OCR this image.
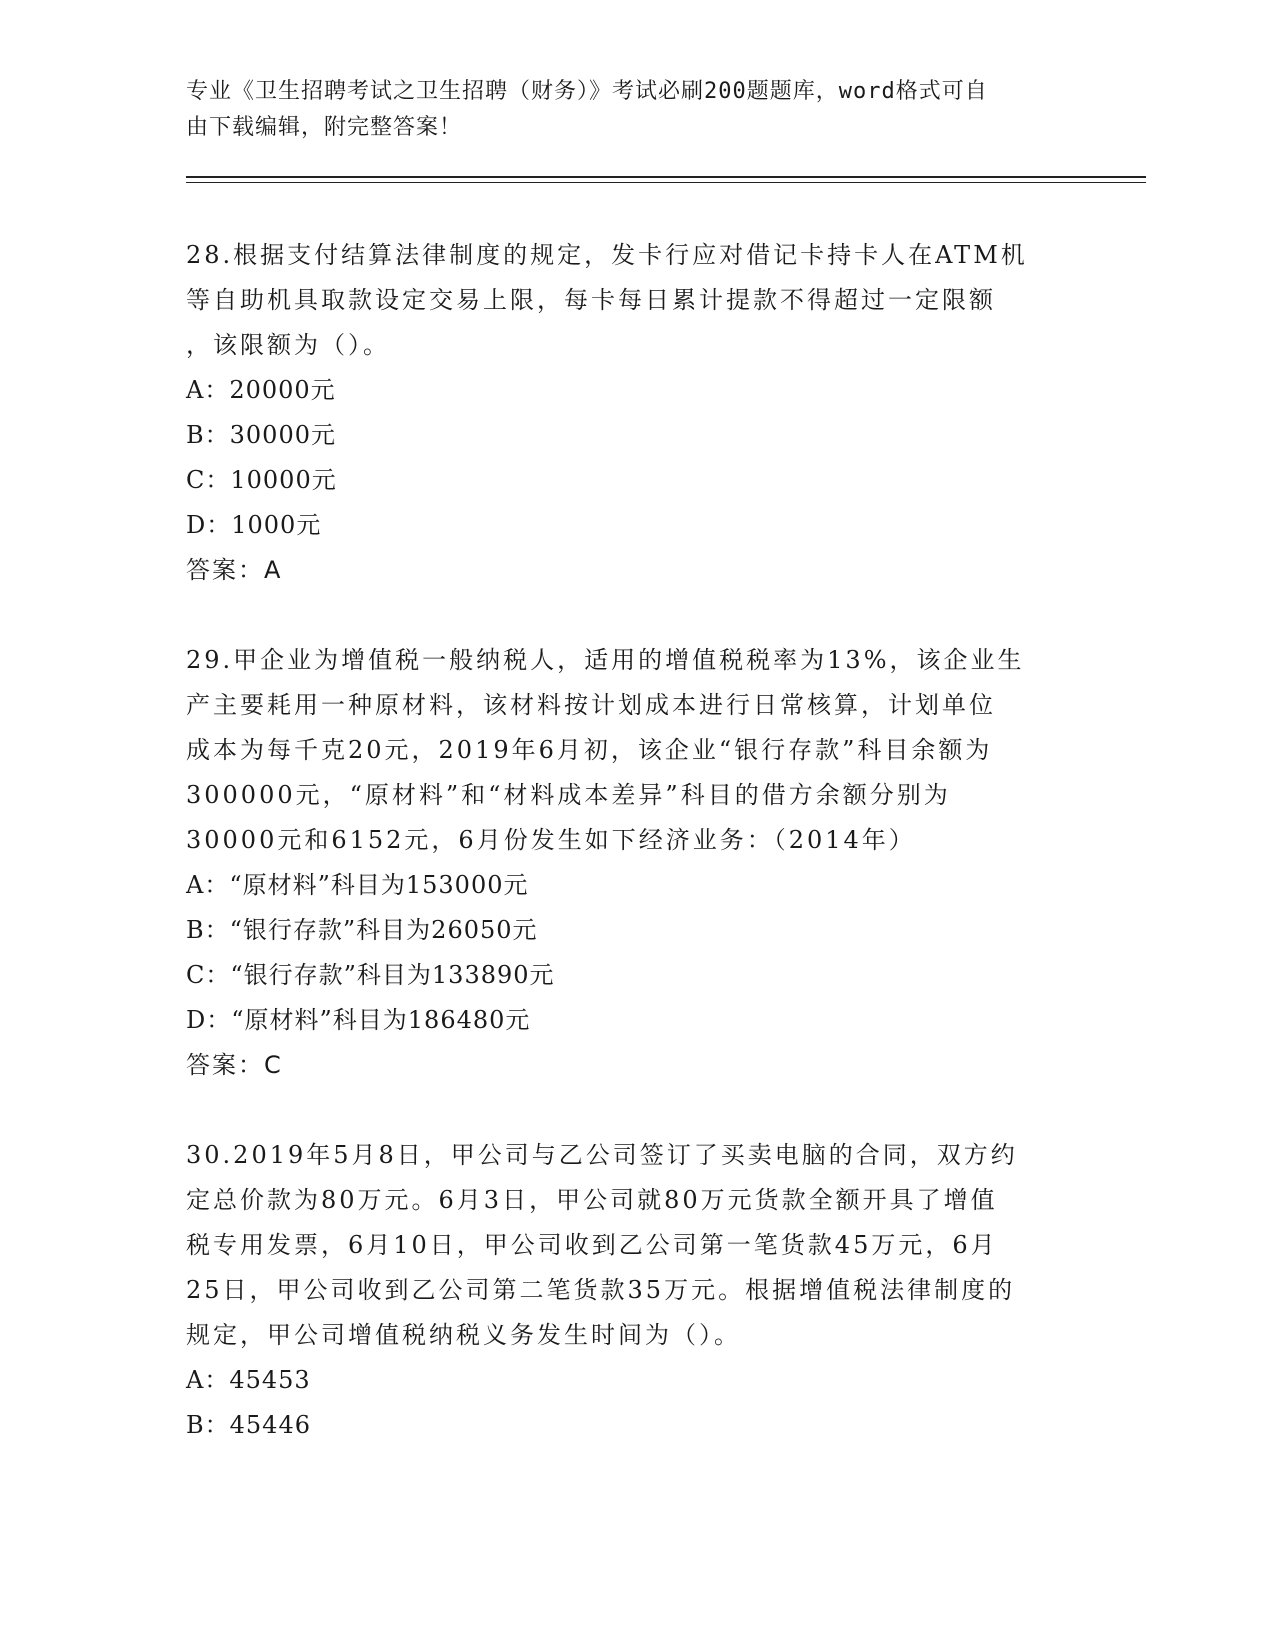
专业《卫生招聘考试之卫生招聘（财务）》考试必刷200题题库，word格式可自
由下载编辑，附完整答案！

28.根据支付结算法律制度的规定，发卡行应对借记卡持卡人在ATM机
等自助机具取款设定交易上限，每卡每日累计提款不得超过一定限额
，该限额为（）。

A：20000元

B：30000元

C：10000元

D：1000元

答案：A

29.甲企业为增值税一般纳税人，适用的增值税税率为13%，该企业生
产主要耗用一种原材料，该材料按计划成本进行日常核算，计划单位
成本为每千克20元，2019年6月初，该企业“银行存款”科目余额为
300000元，“原材料”和“材料成本差异”科目的借方余额分别为
30000元和6152元，6月份发生如下经济业务：（2014年）

A：“原材料”科目为153000元

B：“银行存款”科目为26050元

C：“银行存款”科目为133890元

D：“原材料”科目为186480元

答案：C

30.2019年5月8日，甲公司与乙公司签订了买卖电脑的合同，双方约
定总价款为80万元。6月3日，甲公司就80万元货款全额开具了增值
税专用发票，6月10日，甲公司收到乙公司第一笔货款45万元，6月
25日，甲公司收到乙公司第二笔货款35万元。根据增值税法律制度的
规定，甲公司增值税纳税义务发生时间为（）。

A：45453

B：45446
